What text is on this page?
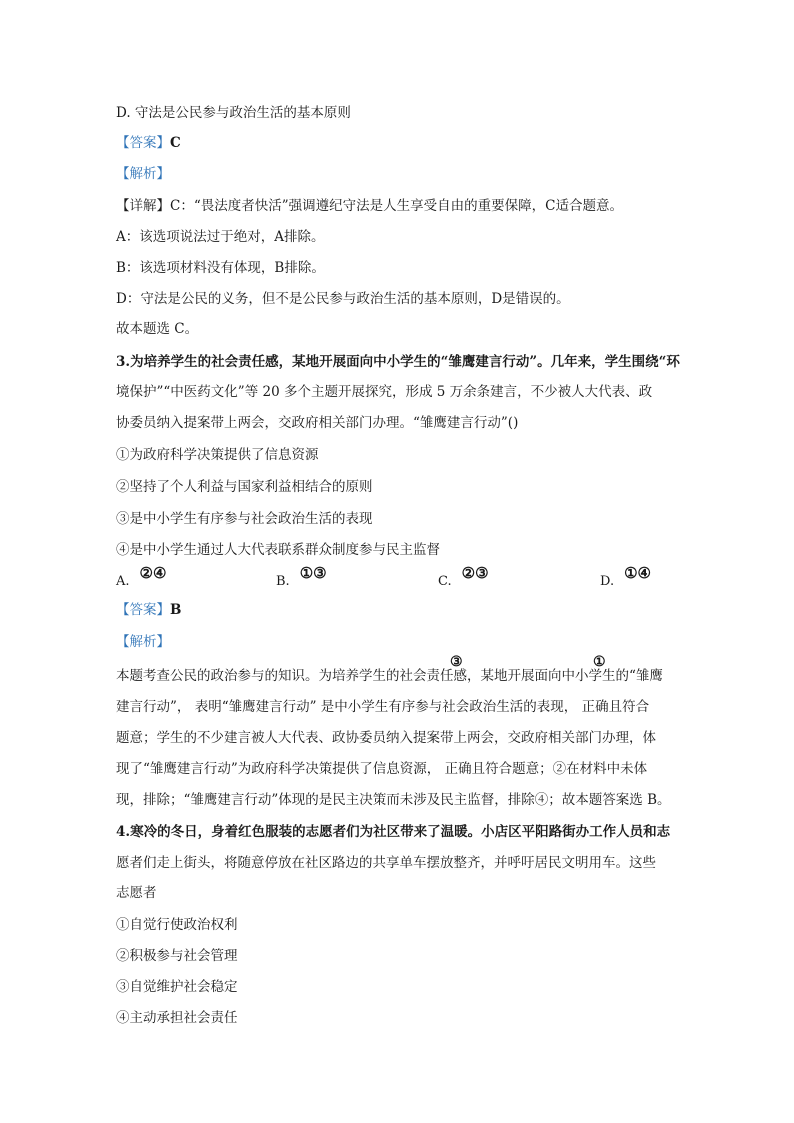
D. 守法是公民参与政治生活的基本原则

【答案】C

【解析】

【详解】C：“畏法度者快活”强调遵纪守法是人生享受自由的重要保障，C适合题意。

A：该选项说法过于绝对，A排除。

B：该选项材料没有体现，B排除。

D：守法是公民的义务，但不是公民参与政治生活的基本原则，D是错误的。

故本题选 C。

3.为培养学生的社会责任感，某地开展面向中小学生的“雏鹰建言行动”。几年来，学生围绕“环

境保护”“中医药文化”等 20 多个主题开展探究，形成 5 万余条建言，不少被人大代表、政

协委员纳入提案带上两会，交政府相关部门办理。“雏鹰建言行动”()

①为政府科学决策提供了信息资源

②坚持了个人利益与国家利益相结合的原则

③是中小学生有序参与社会政治生活的表现

④是中小学生通过人大代表联系群众制度参与民主监督

A. ②④	B. ①③	C. ②③	D. ①④

【答案】B

【解析】

③	①

本题考查公民的政治参与的知识。为培养学生的社会责任感，某地开展面向中小学生的“雏鹰

建言行动”， 表明“雏鹰建言行动” 是中小学生有序参与社会政治生活的表现， 正确且符合

题意；学生的不少建言被人大代表、政协委员纳入提案带上两会，交政府相关部门办理，体

现了“雏鹰建言行动”为政府科学决策提供了信息资源， 正确且符合题意；②在材料中未体

现，排除；“雏鹰建言行动”体现的是民主决策而未涉及民主监督，排除④；故本题答案选 B。

4.寒冷的冬日，身着红色服装的志愿者们为社区带来了温暖。小店区平阳路街办工作人员和志

愿者们走上街头，将随意停放在社区路边的共享单车摆放整齐，并呼吁居民文明用车。这些

志愿者

①自觉行使政治权利

②积极参与社会管理

③自觉维护社会稳定

④主动承担社会责任
